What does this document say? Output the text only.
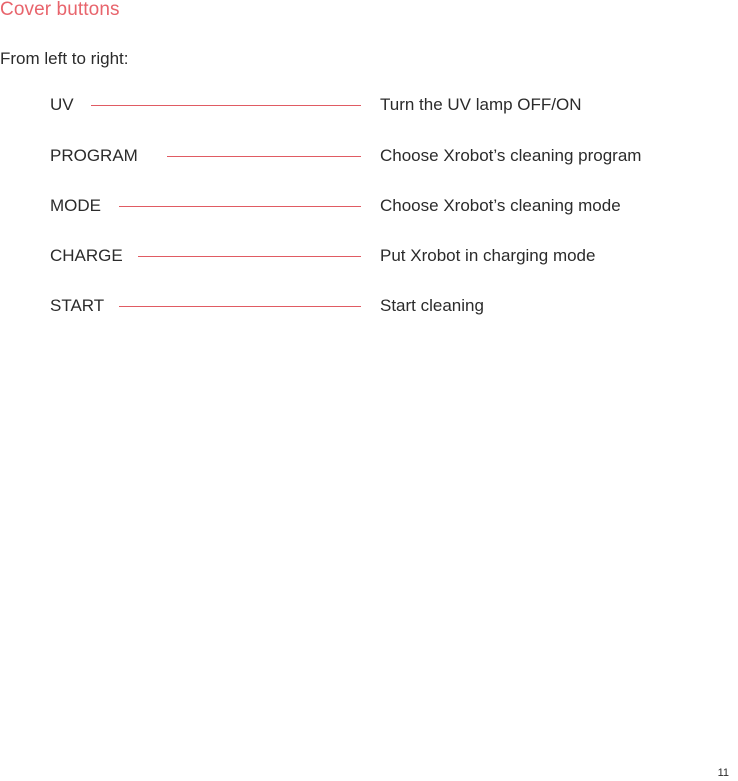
Cover buttons
From left to right:
UV	Turn the UV lamp OFF/ON
PROGRAM	Choose Xrobot’s cleaning program
MODE	Choose Xrobot’s cleaning mode
CHARGE	Put Xrobot in charging mode
START	Start cleaning
11
